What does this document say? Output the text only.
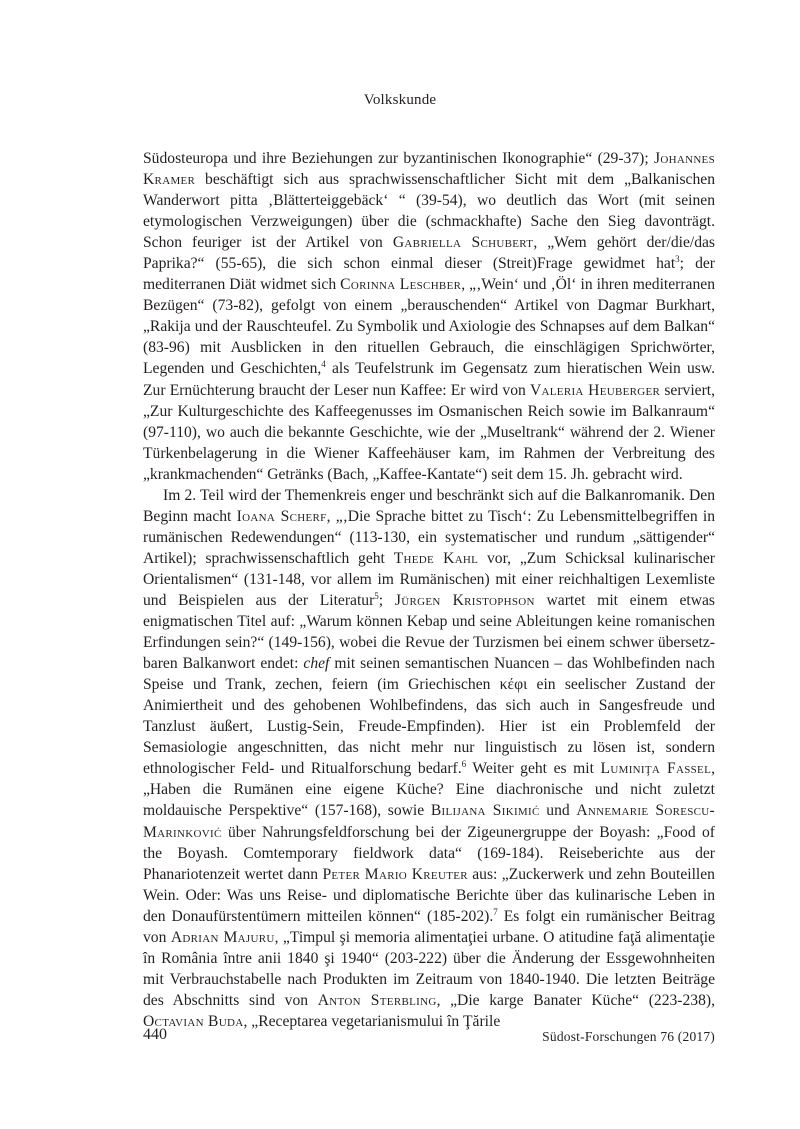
Volkskunde

Südosteuropa und ihre Beziehungen zur byzantinischen Ikonographie“ (29-37); Johannes Kramer beschäftigt sich aus sprachwissenschaftlicher Sicht mit dem „Balkanischen Wanderwort pitta ‚Blätterteiggebäck‘ “ (39-54), wo deutlich das Wort (mit seinen etymologischen Verzweigungen) über die (schmackhafte) Sache den Sieg davonträgt. Schon feuriger ist der Artikel von Gabriella Schubert, „Wem gehört der/die/das Paprika?“ (55-65), die sich schon einmal dieser (Streit)Frage gewidmet hat$^3$; der mediterranen Diät widmet sich Corinna Leschber, „‚Wein‘ und ‚Öl‘ in ihren mediterranen Bezügen“ (73-82), gefolgt von einem „berauschenden“ Artikel von Dagmar Burkhart, „Rakija und der Rauschteufel. Zu Symbolik und Axiologie des Schnapses auf dem Balkan“ (83-96) mit Ausblicken in den rituellen Gebrauch, die einschlägigen Sprichwörter, Legenden und Geschichten,$^4$ als Teufelstrunk im Gegensatz zum hieratischen Wein usw. Zur Ernüchterung braucht der Leser nun Kaffee: Er wird von Valeria Heuberger serviert, „Zur Kulturgeschichte des Kaffeegenusses im Osmanischen Reich sowie im Balkanraum“ (97-110), wo auch die bekannte Geschichte, wie der „Museltrank“ während der 2. Wiener Türkenbelagerung in die Wiener Kaffeehäuser kam, im Rahmen der Verbreitung des „krankmachenden“ Getränks (Bach, „Kaffee-Kantate“) seit dem 15. Jh. gebracht wird.

Im 2. Teil wird der Themenkreis enger und beschränkt sich auf die Balkanromanik. Den Beginn macht Ioana Scherf, „‚Die Sprache bittet zu Tisch‘: Zu Lebensmittelbegriffen in rumänischen Redewendungen“ (113-130, ein systematischer und rundum „sättigender“ Artikel); sprachwissenschaftlich geht Thede Kahl vor, „Zum Schicksal kulinarischer Orientalismen“ (131-148, vor allem im Rumänischen) mit einer reichhaltigen Lexemliste und Beispielen aus der Literatur$^5$; Jürgen Kristophson wartet mit einem etwas enigmatischen Titel auf: „Warum können Kebap und seine Ableitungen keine romanischen Erfindungen sein?“ (149-156), wobei die Revue der Turzismen bei einem schwer übersetzbaren Balkanwort endet: chef mit seinen semantischen Nuancen – das Wohlbefinden nach Speise und Trank, zechen, feiern (im Griechischen κέφι ein seelischer Zustand der Animiertheit und des gehobenen Wohlbefindens, das sich auch in Sangesfreude und Tanzlust äußert, Lustig-Sein, Freude-Empfinden). Hier ist ein Problemfeld der Semasiologie angeschnitten, das nicht mehr nur linguistisch zu lösen ist, sondern ethnologischer Feld- und Ritualforschung bedarf.$^6$ Weiter geht es mit Luminiţa Fassel, „Haben die Rumänen eine eigene Küche? Eine diachronische und nicht zuletzt moldauische Perspektive“ (157-168), sowie Bilijana Sikimić und Annemarie Sorescu-Marinković über Nahrungsfeldforschung bei der Zigeunergruppe der Boyash: „Food of the Boyash. Comtemporary fieldwork data“ (169-184). Reiseberichte aus der Phanariotenzeit wertet dann Peter Mario Kreuter aus: „Zuckerwerk und zehn Bouteillen Wein. Oder: Was uns Reise- und diplomatische Berichte über das kulinarische Leben in den Donaufürstentümern mitteilen können“ (185-202).$^7$ Es folgt ein rumänischer Beitrag von Adrian Majuru, „Timpul şi memoria alimentaţiei urbane. O atitudine faţă alimentaţie în România între anii 1840 şi 1940“ (203-222) über die Änderung der Essgewohnheiten mit Verbrauchstabelle nach Produkten im Zeitraum von 1840-1940. Die letzten Beiträge des Abschnitts sind von Anton Sterbling, „Die karge Banater Küche“ (223-238), Octavian Buda, „Receptarea vegetarianismului în Ţările

440	Südost-Forschungen 76 (2017)
